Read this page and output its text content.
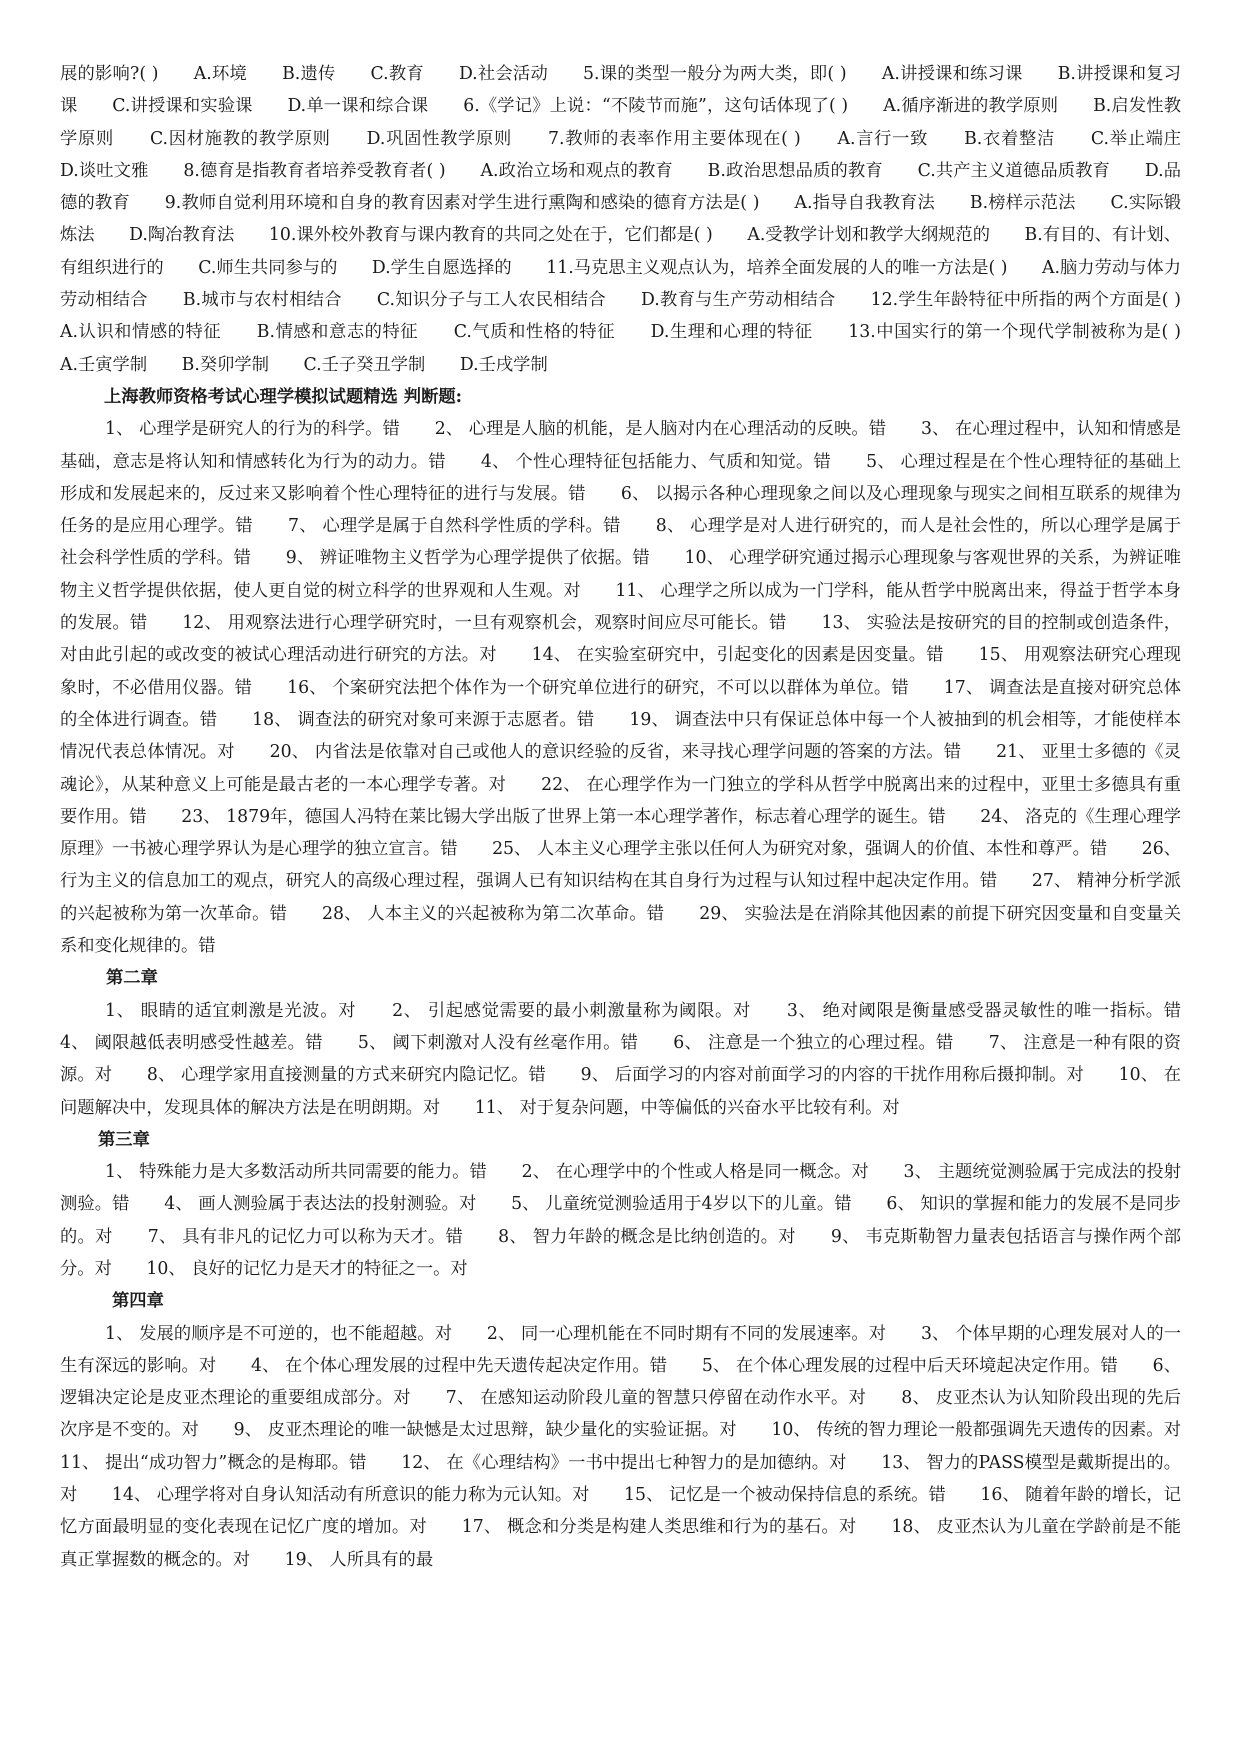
展的影响?( )　　A.环境　　B.遗传　　C.教育　　D.社会活动　　5.课的类型一般分为两大类，即( )　　A.讲授课和练习课　　B.讲授课和复习课　　C.讲授课和实验课　　D.单一课和综合课　　6.《学记》上说：“不陵节而施”，这句话体现了( )　　A.循序渐进的教学原则　　B.启发性教学原则　　C.因材施教的教学原则　　D.巩固性教学原则　　7.教师的表率作用主要体现在( )　　A.言行一致　　B.衣着整洁　　C.举止端庄　　D.谈吐文雅　　8.德育是指教育者培养受教育者( )　　A.政治立场和观点的教育　　B.政治思想品质的教育　　C.共产主义道德品质教育　　D.品德的教育　　9.教师自觉利用环境和自身的教育因素对学生进行熏陶和感染的德育方法是( )　　A.指导自我教育法　　B.榜样示范法　　C.实际锻炼法　　D.陶冶教育法　　10.课外校外教育与课内教育的共同之处在于，它们都是( )　　A.受教学计划和教学大纲规范的　　B.有目的、有计划、有组织进行的　　C.师生共同参与的　　D.学生自愿选择的　　11.马克思主义观点认为，培养全面发展的人的唯一方法是( )　　A.脑力劳动与体力劳动相结合　　B.城市与农村相结合　　C.知识分子与工人农民相结合　　D.教育与生产劳动相结合　　12.学生年龄特征中所指的两个方面是( )　　A.认识和情感的特征　　B.情感和意志的特征　　C.气质和性格的特征　　D.生理和心理的特征　　13.中国实行的第一个现代学制被称为是( )　　A.壬寅学制　　B.癸卯学制　　C.壬子癸丑学制　　D.壬戌学制

上海教师资格考试心理学模拟试题精选 判断题:

1、 心理学是研究人的行为的科学。错　　2、 心理是人脑的机能，是人脑对内在心理活动的反映。错　　3、 在心理过程中，认知和情感是基础，意志是将认知和情感转化为行为的动力。错　　4、 个性心理特征包括能力、气质和知觉。错　　5、 心理过程是在个性心理特征的基础上形成和发展起来的，反过来又影响着个性心理特征的进行与发展。错　　6、 以揭示各种心理现象之间以及心理现象与现实之间相互联系的规律为任务的是应用心理学。错　　7、 心理学是属于自然科学性质的学科。错　　8、 心理学是对人进行研究的，而人是社会性的，所以心理学是属于社会科学性质的学科。错　　9、 辨证唯物主义哲学为心理学提供了依据。错　　10、 心理学研究通过揭示心理现象与客观世界的关系，为辨证唯物主义哲学提供依据，使人更自觉的树立科学的世界观和人生观。对　　11、 心理学之所以成为一门学科，能从哲学中脱离出来，得益于哲学本身的发展。错　　12、 用观察法进行心理学研究时，一旦有观察机会，观察时间应尽可能长。错　　13、 实验法是按研究的目的控制或创造条件，对由此引起的或改变的被试心理活动进行研究的方法。对　　14、 在实验室研究中，引起变化的因素是因变量。错　　15、 用观察法研究心理现象时，不必借用仪器。错　　16、 个案研究法把个体作为一个研究单位进行的研究，不可以以群体为单位。错　　17、 调查法是直接对研究总体的全体进行调查。错　　18、 调查法的研究对象可来源于志愿者。错　　19、 调查法中只有保证总体中每一个人被抽到的机会相等，才能使样本情况代表总体情况。对　　20、 内省法是依靠对自己或他人的意识经验的反省，来寻找心理学问题的答案的方法。错　　21、 亚里士多德的《灵魂论》，从某种意义上可能是最古老的一本心理学专著。对　　22、 在心理学作为一门独立的学科从哲学中脱离出来的过程中，亚里士多德具有重要作用。错　　23、 1879年，德国人冯特在莱比锡大学出版了世界上第一本心理学著作，标志着心理学的诞生。错　　24、 洛克的《生理心理学原理》一书被心理学界认为是心理学的独立宣言。错　　25、 人本主义心理学主张以任何人为研究对象，强调人的价值、本性和尊严。错　　26、 行为主义的信息加工的观点，研究人的高级心理过程，强调人已有知识结构在其自身行为过程与认知过程中起决定作用。错　　27、 精神分析学派的兴起被称为第一次革命。错　　28、 人本主义的兴起被称为第二次革命。错　　29、 实验法是在消除其他因素的前提下研究因变量和自变量关系和变化规律的。错

第二章

1、 眼睛的适宜刺激是光波。对　　2、 引起感觉需要的最小刺激量称为阈限。对　　3、 绝对阈限是衡量感受器灵敏性的唯一指标。错　　4、 阈限越低表明感受性越差。错　　5、 阈下刺激对人没有丝毫作用。错　　6、 注意是一个独立的心理过程。错　　7、 注意是一种有限的资源。对　　8、 心理学家用直接测量的方式来研究内隐记忆。错　　9、 后面学习的内容对前面学习的内容的干扰作用称后摄抑制。对　　10、 在问题解决中，发现具体的解决方法是在明朗期。对　　11、 对于复杂问题，中等偏低的兴奋水平比较有利。对

第三章

1、 特殊能力是大多数活动所共同需要的能力。错　　2、 在心理学中的个性或人格是同一概念。对　　3、 主题统觉测验属于完成法的投射测验。错　　4、 画人测验属于表达法的投射测验。对　　5、 儿童统觉测验适用于4岁以下的儿童。错　　6、 知识的掌握和能力的发展不是同步的。对　　7、 具有非凡的记忆力可以称为天才。错　　8、 智力年龄的概念是比纳创造的。对　　9、 韦克斯勒智力量表包括语言与操作两个部分。对　　10、 良好的记忆力是天才的特征之一。对

第四章

1、 发展的顺序是不可逆的，也不能超越。对　　2、 同一心理机能在不同时期有不同的发展速率。对　　3、 个体早期的心理发展对人的一生有深远的影响。对　　4、 在个体心理发展的过程中先天遗传起决定作用。错　　5、 在个体心理发展的过程中后天环境起决定作用。错　　6、 逻辑决定论是皮亚杰理论的重要组成部分。对　　7、 在感知运动阶段儿童的智慧只停留在动作水平。对　　8、 皮亚杰认为认知阶段出现的先后次序是不变的。对　　9、 皮亚杰理论的唯一缺憾是太过思辩，缺少量化的实验证据。对　　10、 传统的智力理论一般都强调先天遗传的因素。对 11、 提出“成功智力”概念的是梅耶。错　　12、 在《心理结构》一书中提出七种智力的是加德纳。对　　13、 智力的PASS模型是戴斯提出的。对　　14、 心理学将对自身认知活动有所意识的能力称为元认知。对　　15、 记忆是一个被动保持信息的系统。错　　16、 随着年龄的增长，记忆方面最明显的变化表现在记忆广度的增加。对　　17、 概念和分类是构建人类思维和行为的基石。对　　18、 皮亚杰认为儿童在学龄前是不能真正掌握数的概念的。对　　19、 人所具有的最
